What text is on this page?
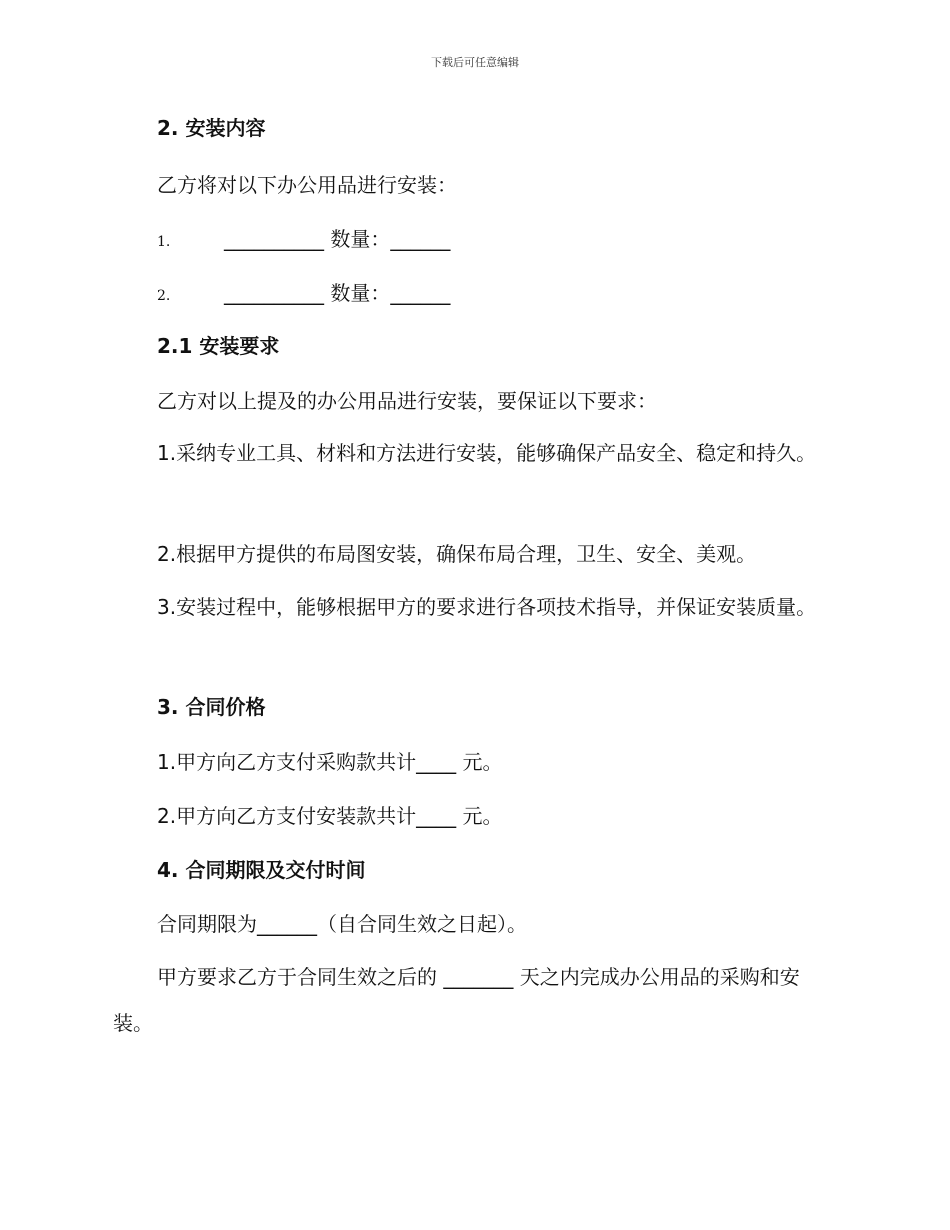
下载后可任意编辑
2. 安装内容
乙方将对以下办公用品进行安装：
1.	__________ 数量：______
2.	__________ 数量：______
2.1 安装要求
乙方对以上提及的办公用品进行安装，要保证以下要求：
1.采纳专业工具、材料和方法进行安装，能够确保产品安全、稳定和持久。
2.根据甲方提供的布局图安装，确保布局合理，卫生、安全、美观。
3.安装过程中，能够根据甲方的要求进行各项技术指导，并保证安装质量。
3. 合同价格
1.甲方向乙方支付采购款共计____ 元。
2.甲方向乙方支付安装款共计____ 元。
4. 合同期限及交付时间
合同期限为______（自合同生效之日起）。
甲方要求乙方于合同生效之后的 _______ 天之内完成办公用品的采购和安装。
